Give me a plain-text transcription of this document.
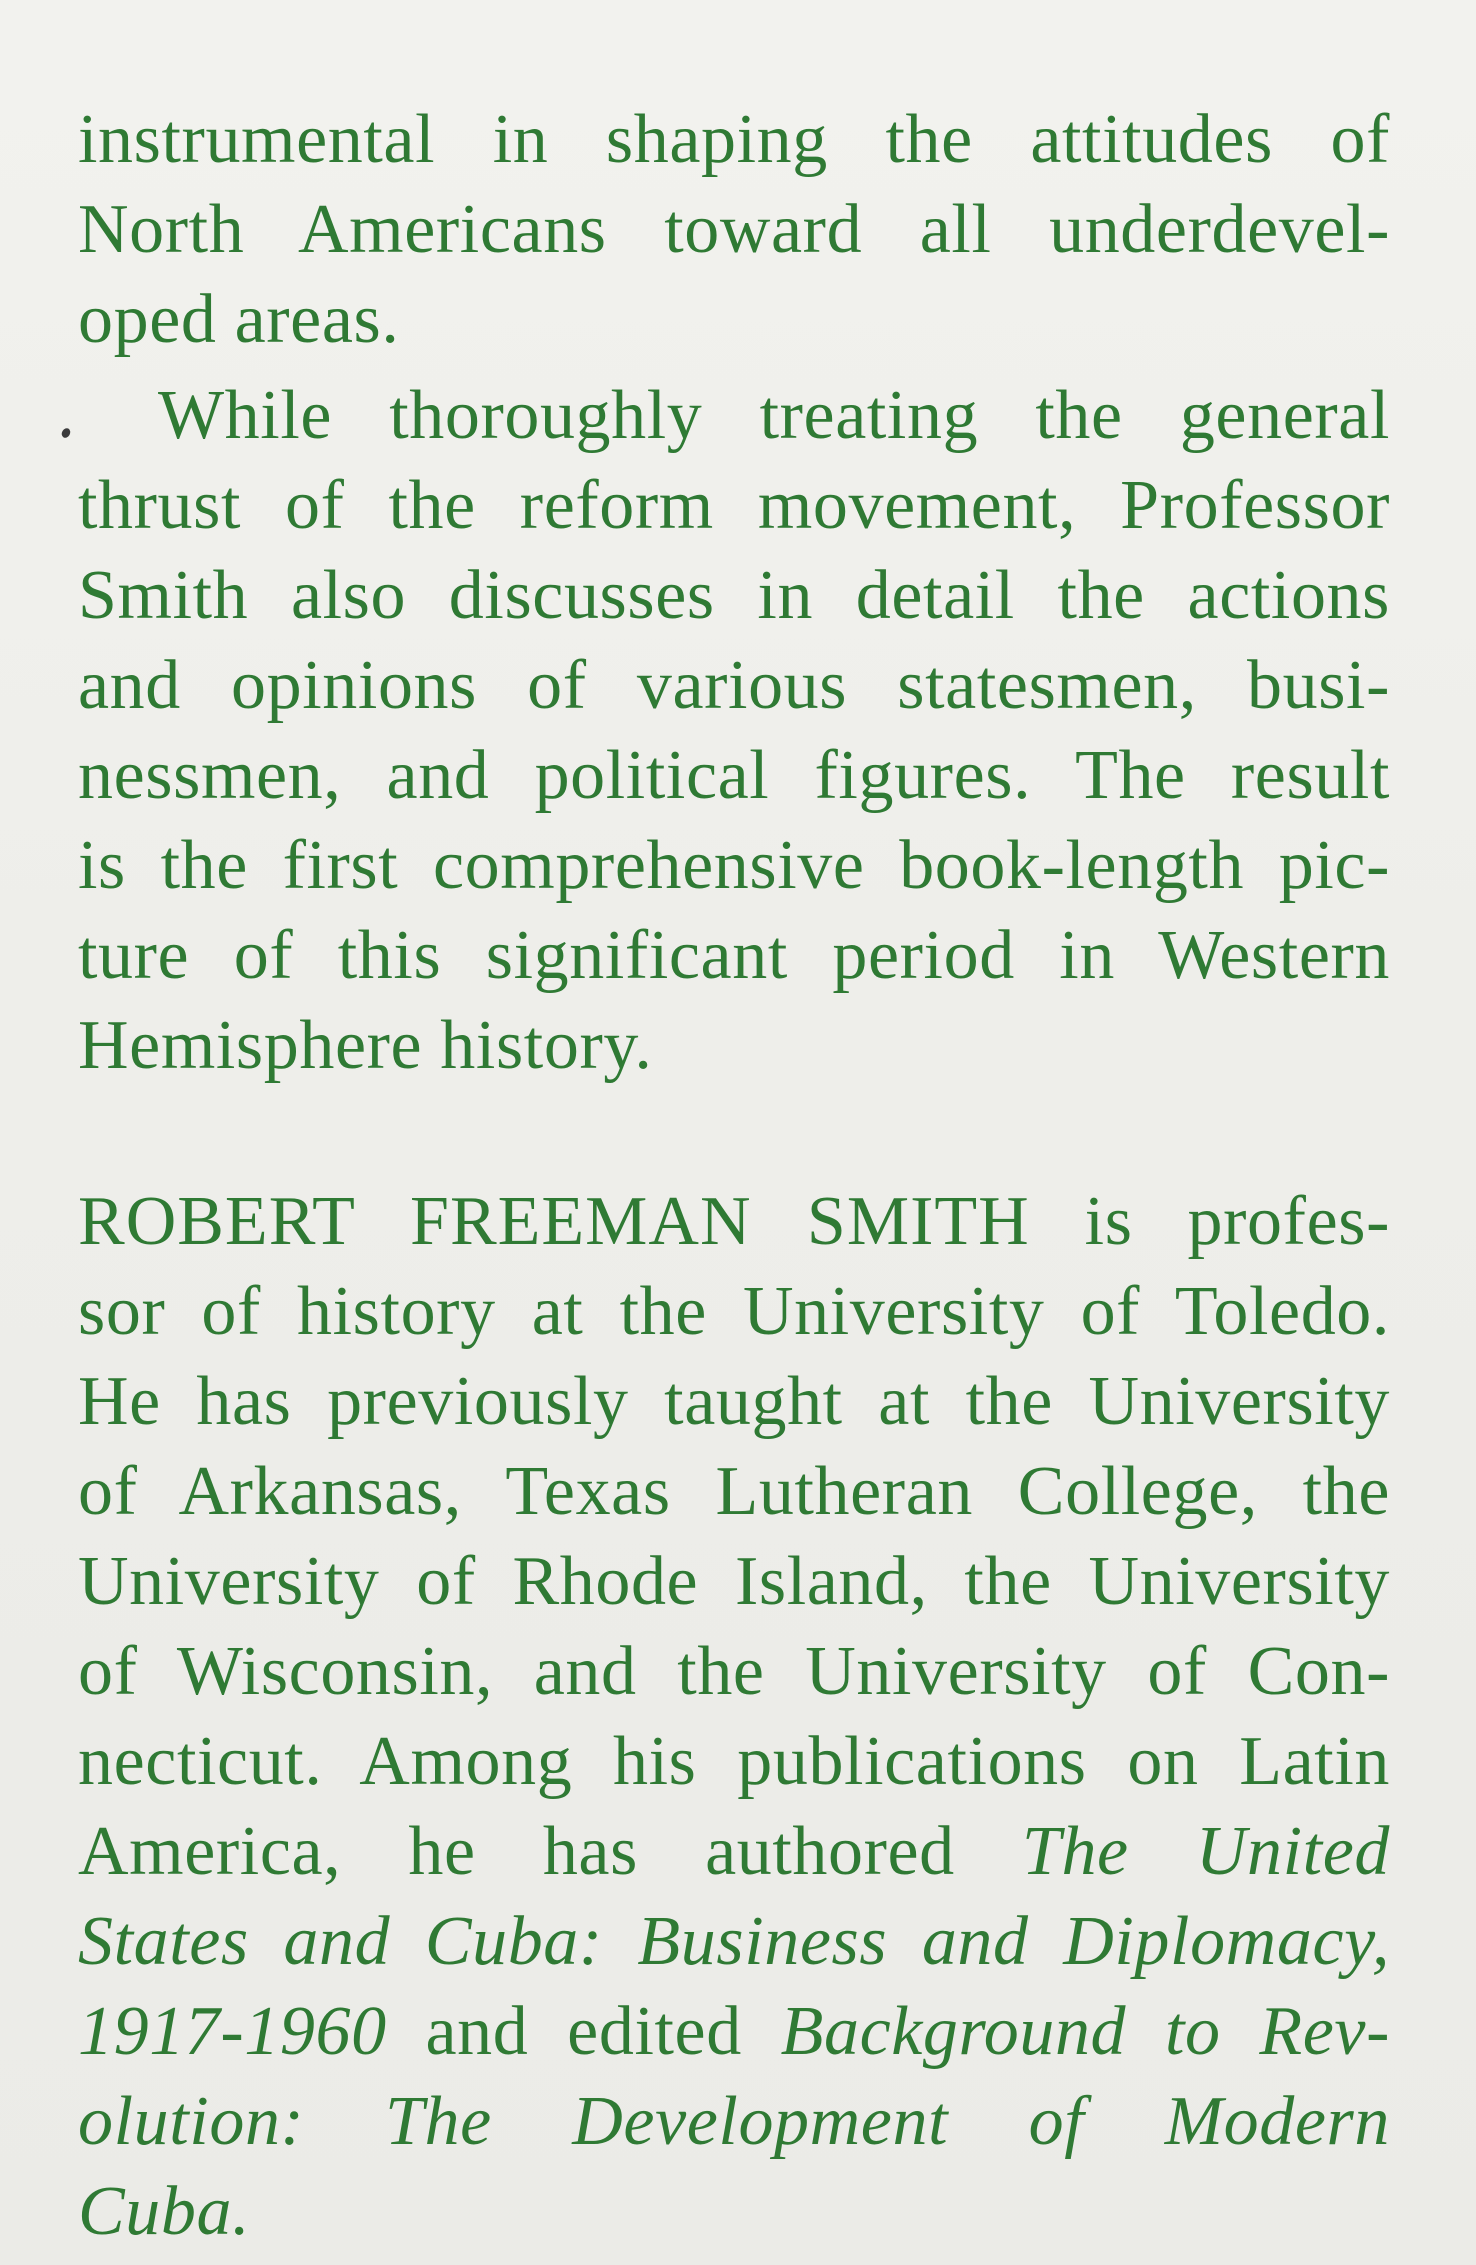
instrumental in shaping the attitudes of
North Americans toward all underdevel-
oped areas.
While thoroughly treating the general
thrust of the reform movement, Professor
Smith also discusses in detail the actions
and opinions of various statesmen, busi-
nessmen, and political figures. The result
is the first comprehensive book-length pic-
ture of this significant period in Western
Hemisphere history.
ROBERT FREEMAN SMITH is profes-
sor of history at the University of Toledo.
He has previously taught at the University
of Arkansas, Texas Lutheran College, the
University of Rhode Island, the University
of Wisconsin, and the University of Con-
necticut. Among his publications on Latin
America, he has authored The United
States and Cuba: Business and Diplomacy,
1917-1960 and edited Background to Rev-
olution: The Development of Modern
Cuba.
